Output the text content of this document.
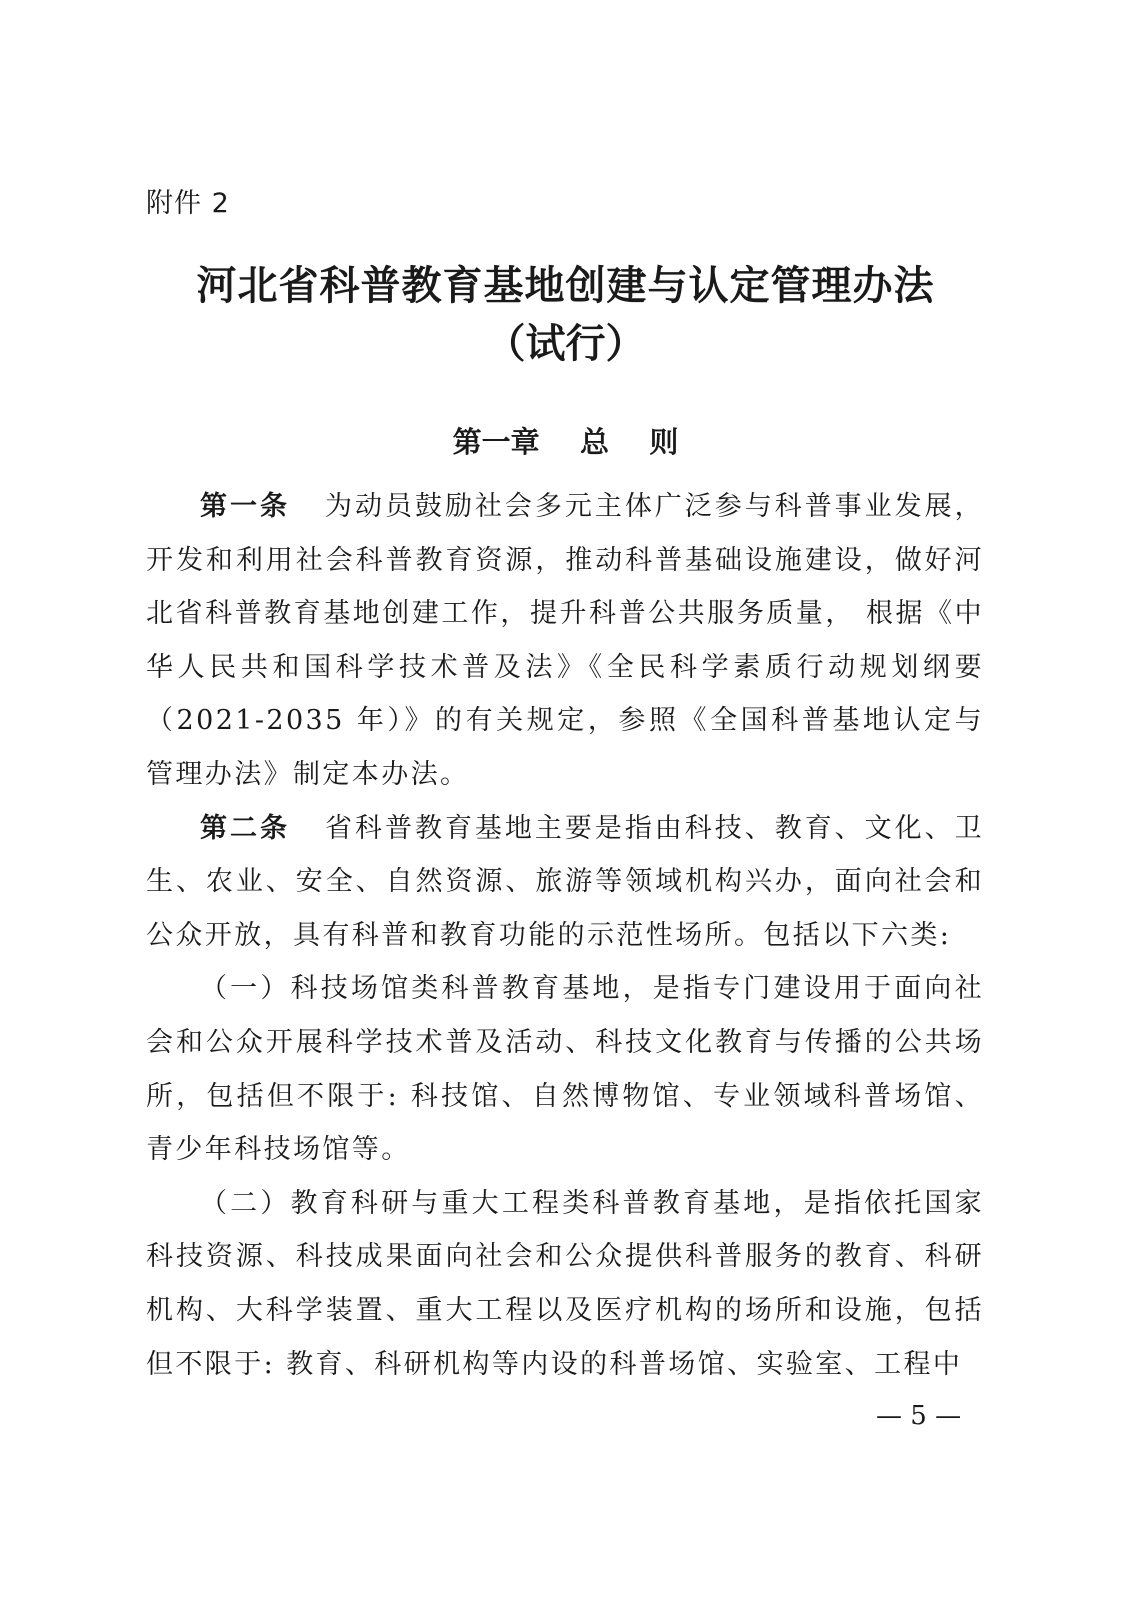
附件 2
河北省科普教育基地创建与认定管理办法
（试行）
第一章    总    则

第一条 为动员鼓励社会多元主体广泛参与科普事业发展，开发和利用社会科普教育资源，推动科普基础设施建设，做好河北省科普教育基地创建工作，提升科普公共服务质量， 根据《中华人民共和国科学技术普及法》《全民科学素质行动规划纲要（2021-2035 年）》的有关规定，参照《全国科普基地认定与管理办法》制定本办法。

第二条 省科普教育基地主要是指由科技、教育、文化、卫生、农业、安全、自然资源、旅游等领域机构兴办，面向社会和公众开放，具有科普和教育功能的示范性场所。包括以下六类:

（一）科技场馆类科普教育基地，是指专门建设用于面向社会和公众开展科学技术普及活动、科技文化教育与传播的公共场所，包括但不限于: 科技馆、自然博物馆、专业领域科普场馆、青少年科技场馆等。

（二）教育科研与重大工程类科普教育基地，是指依托国家科技资源、科技成果面向社会和公众提供科普服务的教育、科研机构、大科学装置、重大工程以及医疗机构的场所和设施，包括但不限于: 教育、科研机构等内设的科普场馆、实验室、工程中

— 5 —
